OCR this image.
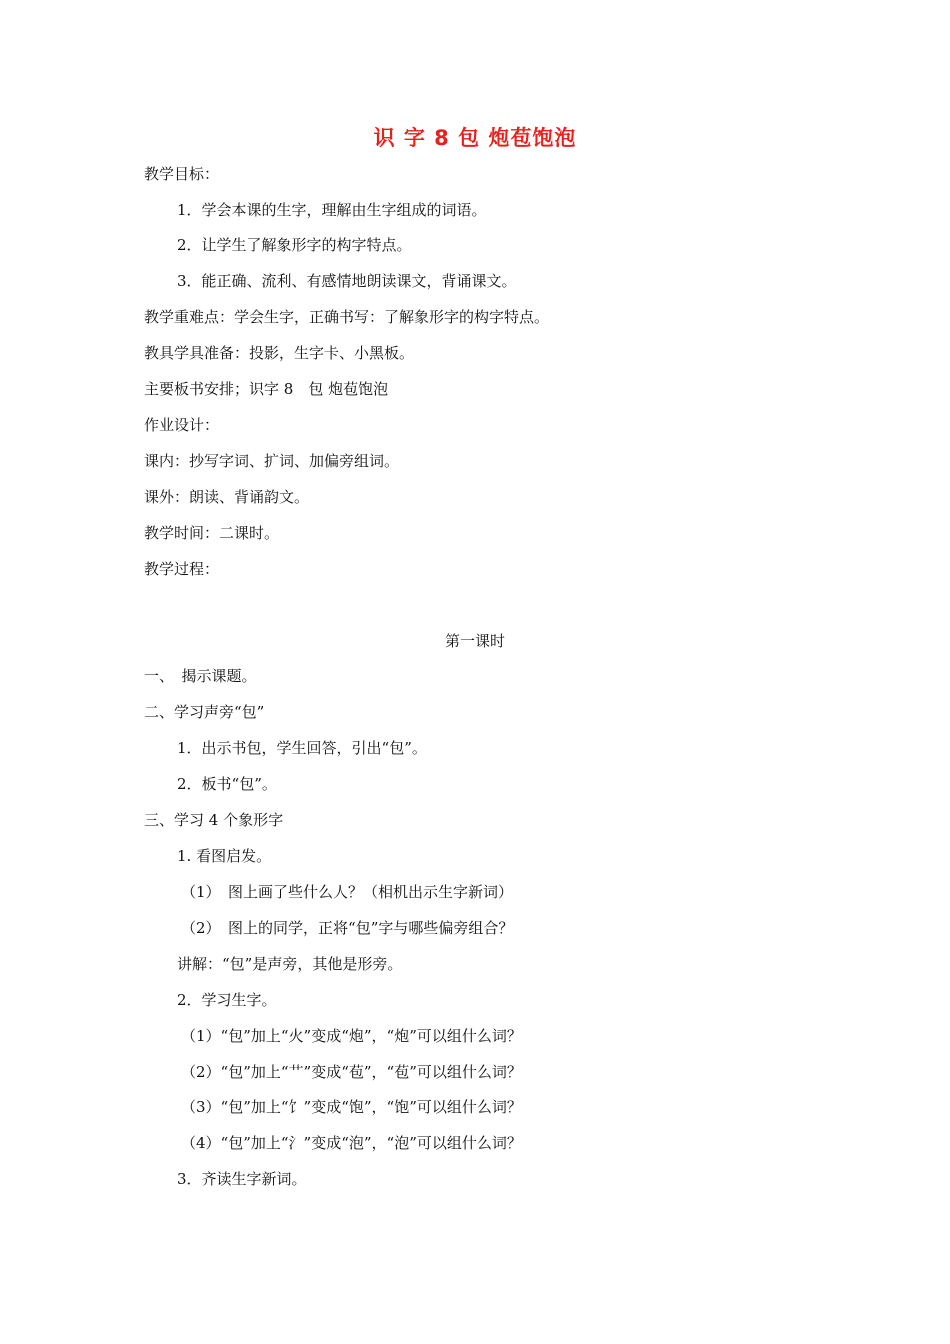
识 字 8 包 炮苞饱泡
教学目标：
1．学会本课的生字，理解由生字组成的词语。
2．让学生了解象形字的构字特点。
3．能正确、流利、有感情地朗读课文，背诵课文。
教学重难点：学会生字，正确书写：了解象形字的构字特点。
教具学具准备：投影，生字卡、小黑板。
主要板书安排；识字 8　包 炮苞饱泡
作业设计：
课内：抄写字词、扩词、加偏旁组词。
课外：朗读、背诵韵文。
教学时间：二课时。
教学过程：
第一课时
一、　揭示课题。
二、学习声旁“包”
1．出示书包，学生回答，引出“包”。
2．板书“包”。
三、学习 4 个象形字
1. 看图启发。
（1）　图上画了些什么人？（相机出示生字新词）
（2）　图上的同学，正将“包”字与哪些偏旁组合？
讲解：“包”是声旁，其他是形旁。
2．学习生字。
（1）“包”加上“火”变成“炮”，“炮”可以组什么词？
（2）“包”加上“艹”变成“苞”，“苞”可以组什么词？
（3）“包”加上“饣”变成“饱”，“饱”可以组什么词？
（4）“包”加上“氵”变成“泡”，“泡”可以组什么词？
3．齐读生字新词。
